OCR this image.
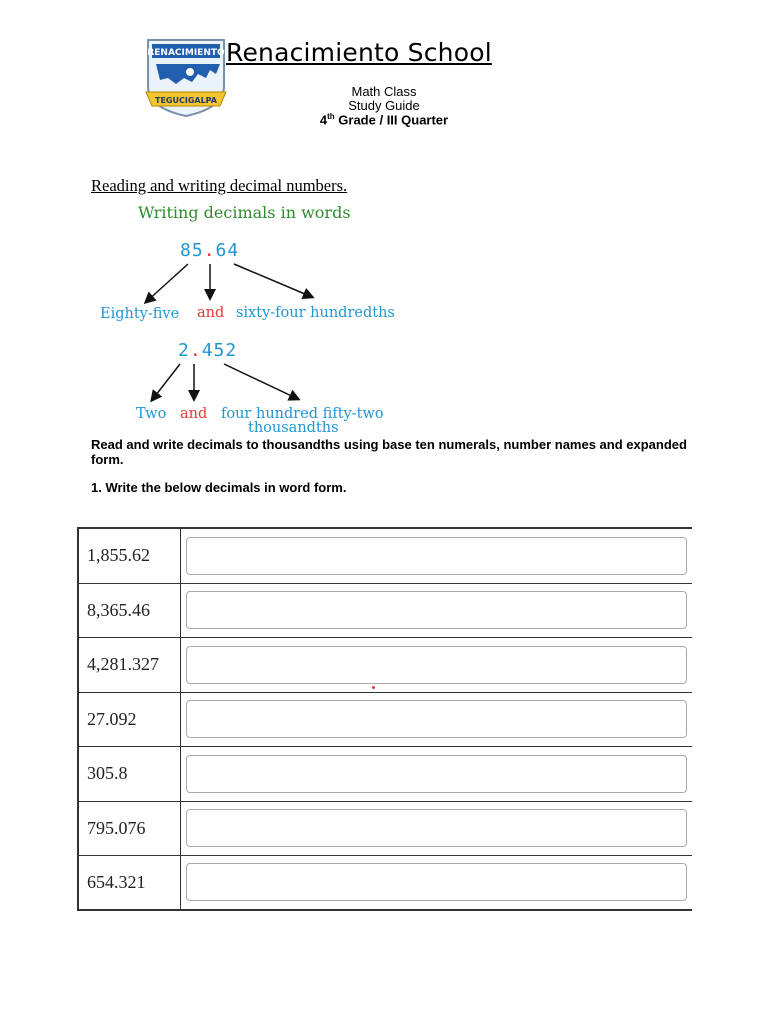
RENACIMIENTO
TEGUCIGALPA
Renacimiento School
Math Class
Study Guide
4th Grade / III Quarter
Reading and writing decimal numbers.
Writing decimals in words
85.64
Eighty-five and sixty-four hundredths
2.452
Two and four hundred fifty-two
thousandths
Read and write decimals to thousandths using base ten numerals, number names and expanded form.
1. Write the below decimals in word form.
1,855.62
8,365.46
4,281.327
27.092
305.8
795.076
654.321
